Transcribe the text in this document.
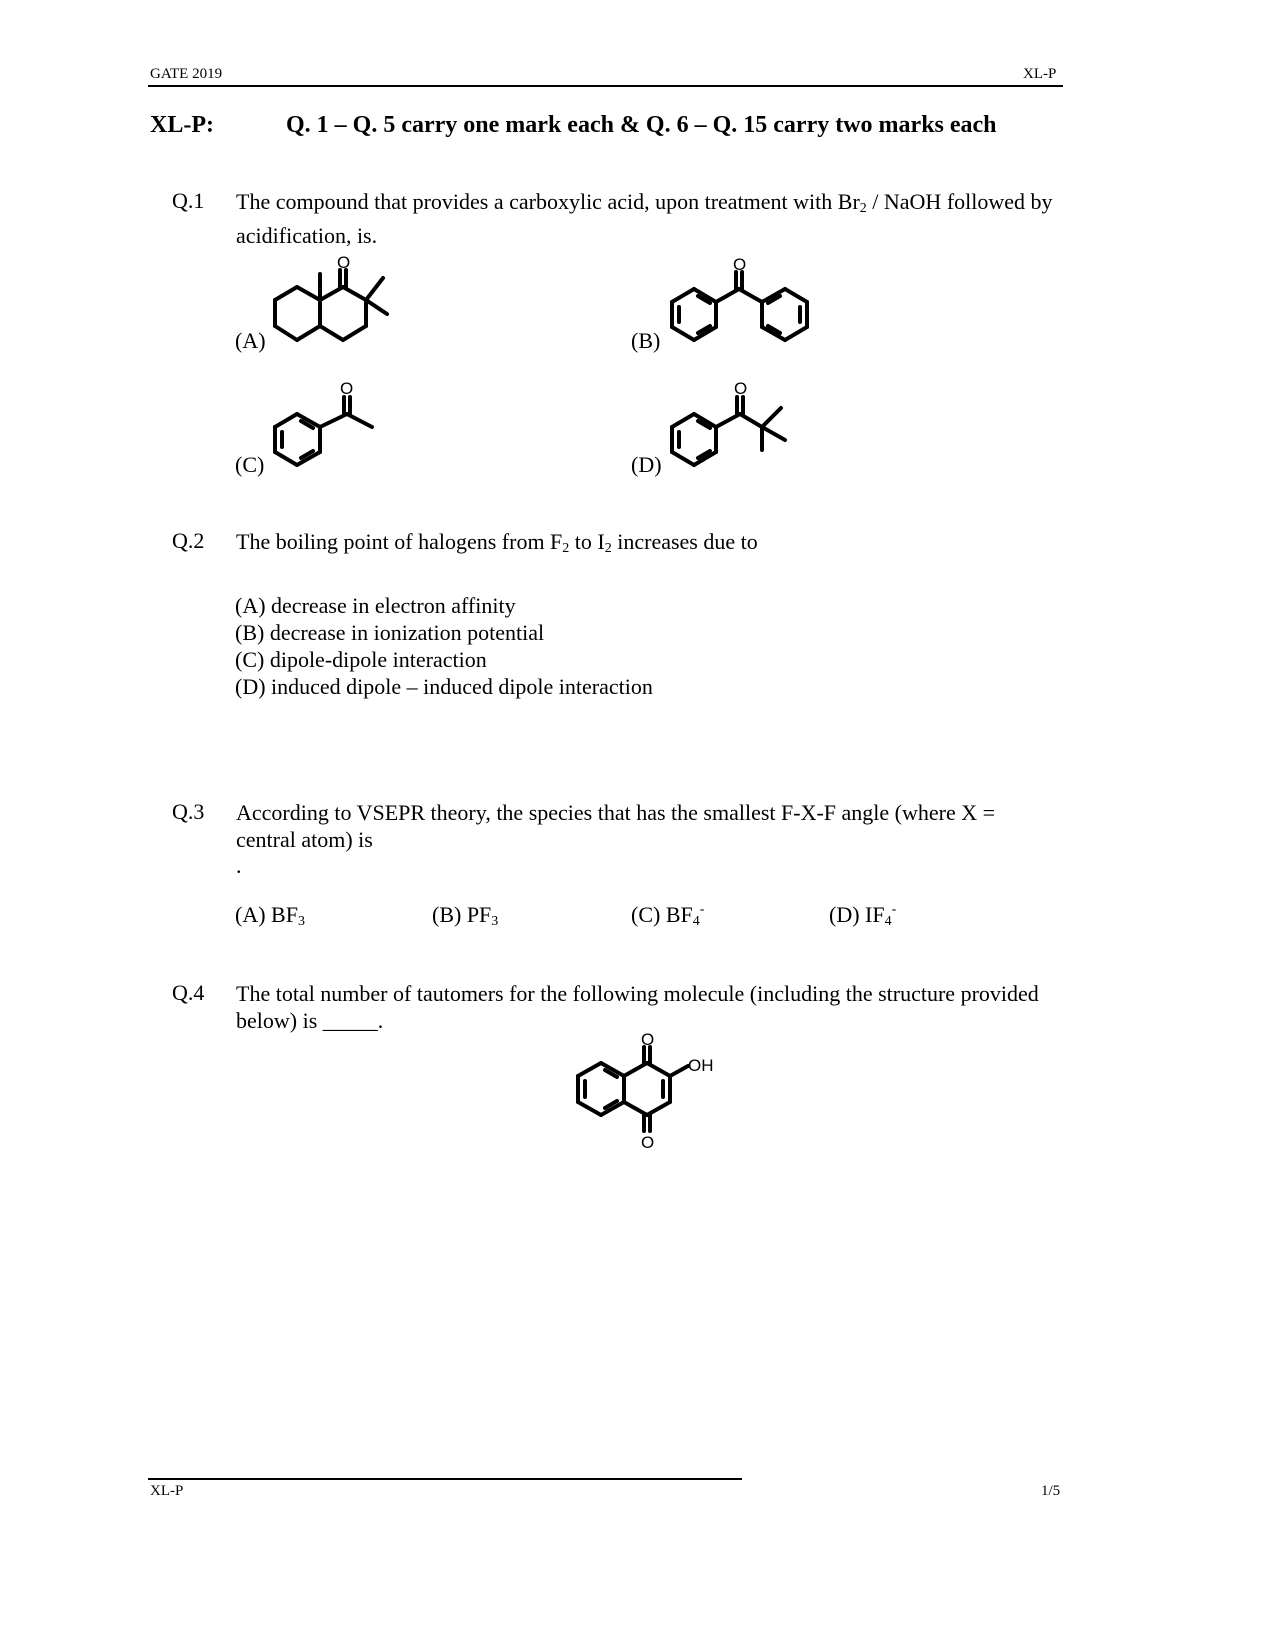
GATE 2019	XL-P
XL-P:	Q. 1 – Q. 5 carry one mark each & Q. 6 – Q. 15 carry two marks each
Q.1 The compound that provides a carboxylic acid, upon treatment with $Br_2$ / NaOH followed by acidification, is.
(A)	(B)
(C)	(D)
O	O
O	O
Q.2 The boiling point of halogens from $F_2$ to $I_2$ increases due to
(A) decrease in electron affinity
(B) decrease in ionization potential
(C) dipole-dipole interaction
(D) induced dipole – induced dipole interaction
Q.3 According to VSEPR theory, the species that has the smallest F-X-F angle (where X = central atom) is
.
(A) $BF_3$	(B) $PF_3$	(C) $BF_4^-$	(D) $IF_4^-$
Q.4 The total number of tautomers for the following molecule (including the structure provided below) is _____.
O
O
OH
XL-P	1/5
